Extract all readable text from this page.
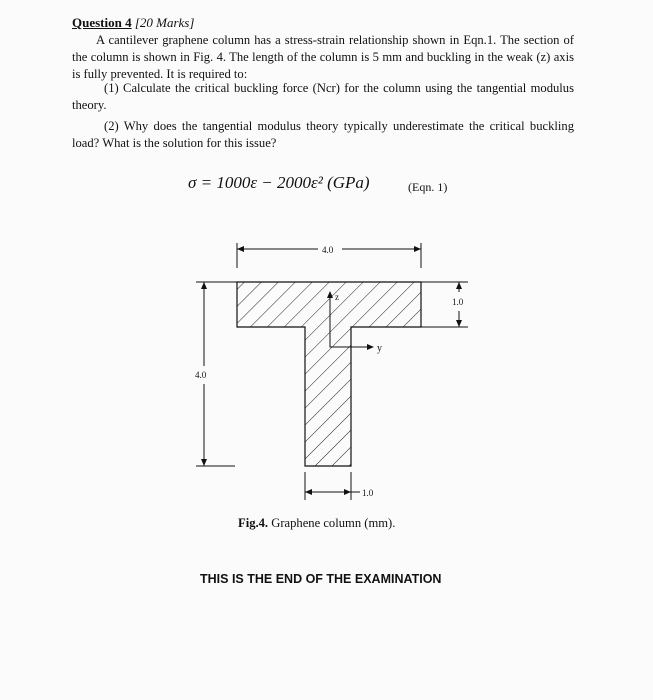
Question 4 [20 Marks]

A cantilever graphene column has a stress-strain relationship shown in Eqn.1. The section of the column is shown in Fig. 4. The length of the column is 5 mm and buckling in the weak (z) axis is fully prevented. It is required to:

(1) Calculate the critical buckling force (Ncr) for the column using the tangential modulus theory.

(2) Why does the tangential modulus theory typically underestimate the critical buckling load? What is the solution for this issue?

σ = 1000ε − 2000ε² (GPa)	(Eqn. 1)
z
y
4.0
1.0
4.0
1.0
Fig.4. Graphene column (mm).
THIS IS THE END OF THE EXAMINATION
